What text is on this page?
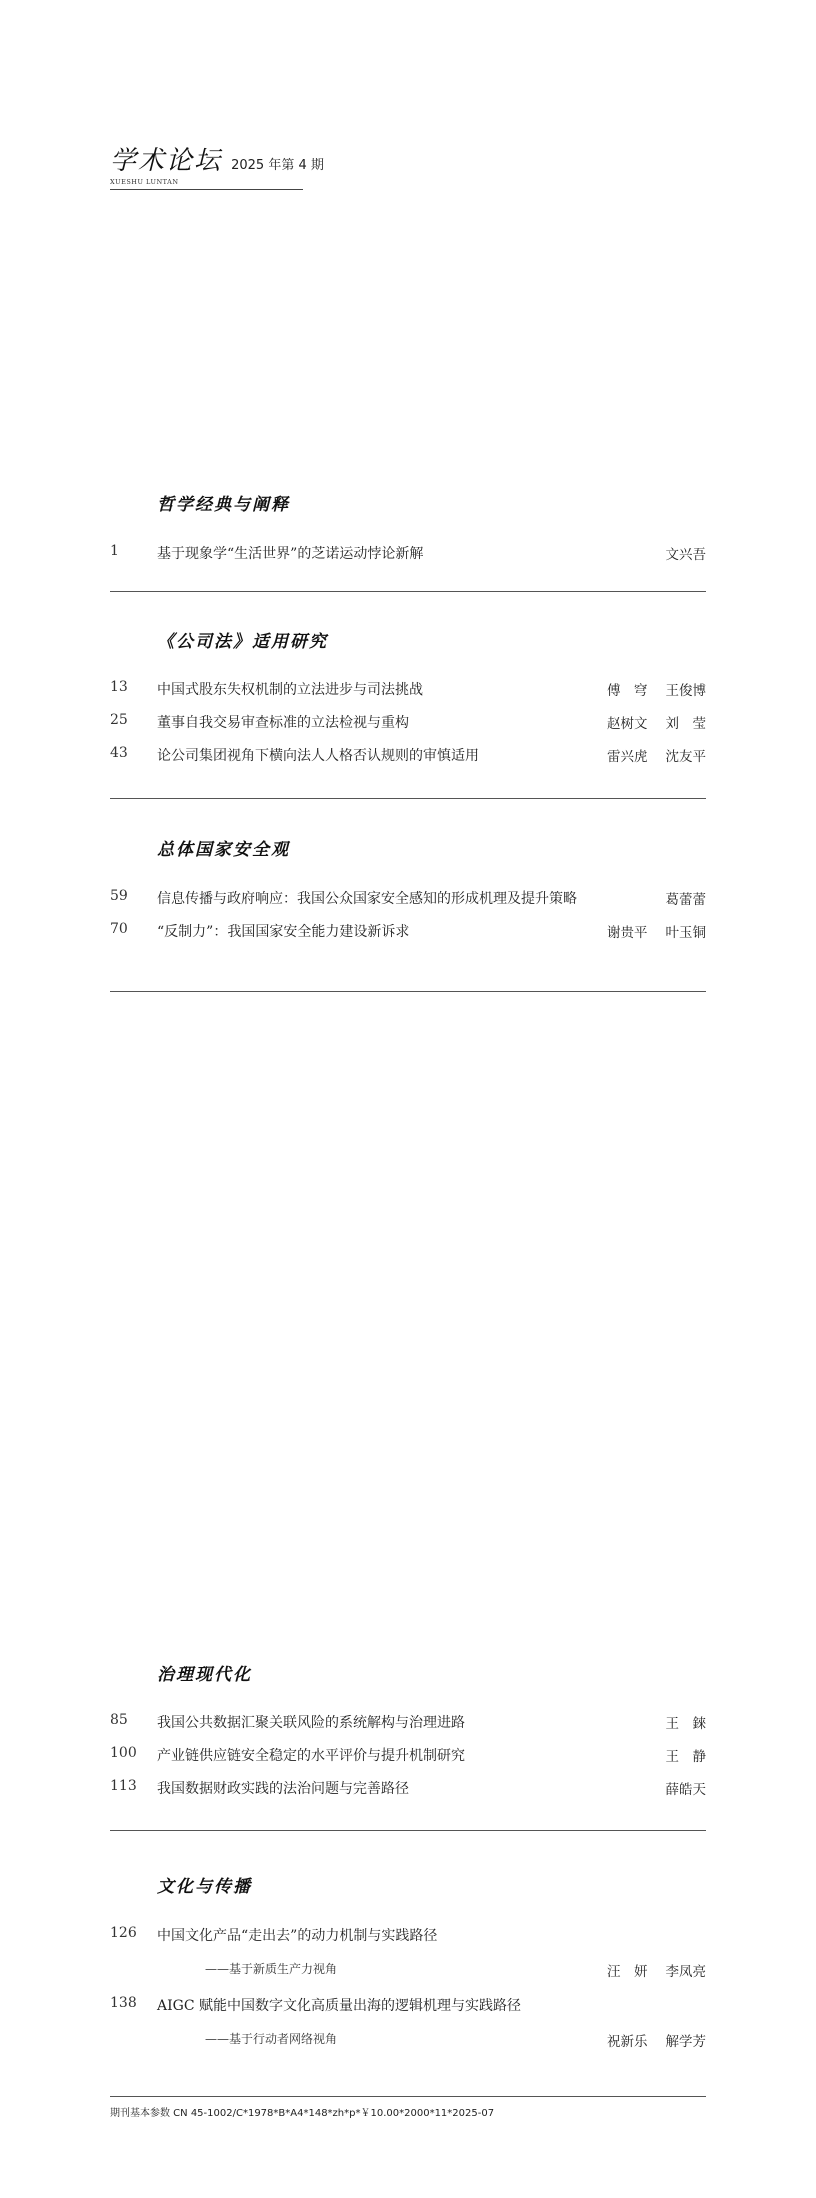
学术论坛 2025 年第 4 期
XUESHU LUNTAN
哲学经典与阐释
1	基于现象学“生活世界”的芝诺运动悖论新解	文兴吾
《公司法》适用研究
13 中国式股东失权机制的立法进步与司法挑战	傅　穹 王俊博
25 董事自我交易审查标准的立法检视与重构	赵树文 刘　莹
43 论公司集团视角下横向法人人格否认规则的审慎适用	雷兴虎 沈友平
总体国家安全观
59 信息传播与政府响应：我国公众国家安全感知的形成机理及提升策略	葛蕾蕾
70 “反制力”：我国国家安全能力建设新诉求	谢贵平 叶玉铜
治理现代化
85 我国公共数据汇聚关联风险的系统解构与治理进路	王　錸
100 产业链供应链安全稳定的水平评价与提升机制研究	王　静
113 我国数据财政实践的法治问题与完善路径	薛皓天
文化与传播
126 中国文化产品“走出去”的动力机制与实践路径
——基于新质生产力视角	汪　妍 李凤亮
138 AIGC 赋能中国数字文化高质量出海的逻辑机理与实践路径
——基于行动者网络视角	祝新乐 解学芳
期刊基本参数 CN 45-1002/C*1978*B*A4*148*zh*p*￥10.00*2000*11*2025-07
